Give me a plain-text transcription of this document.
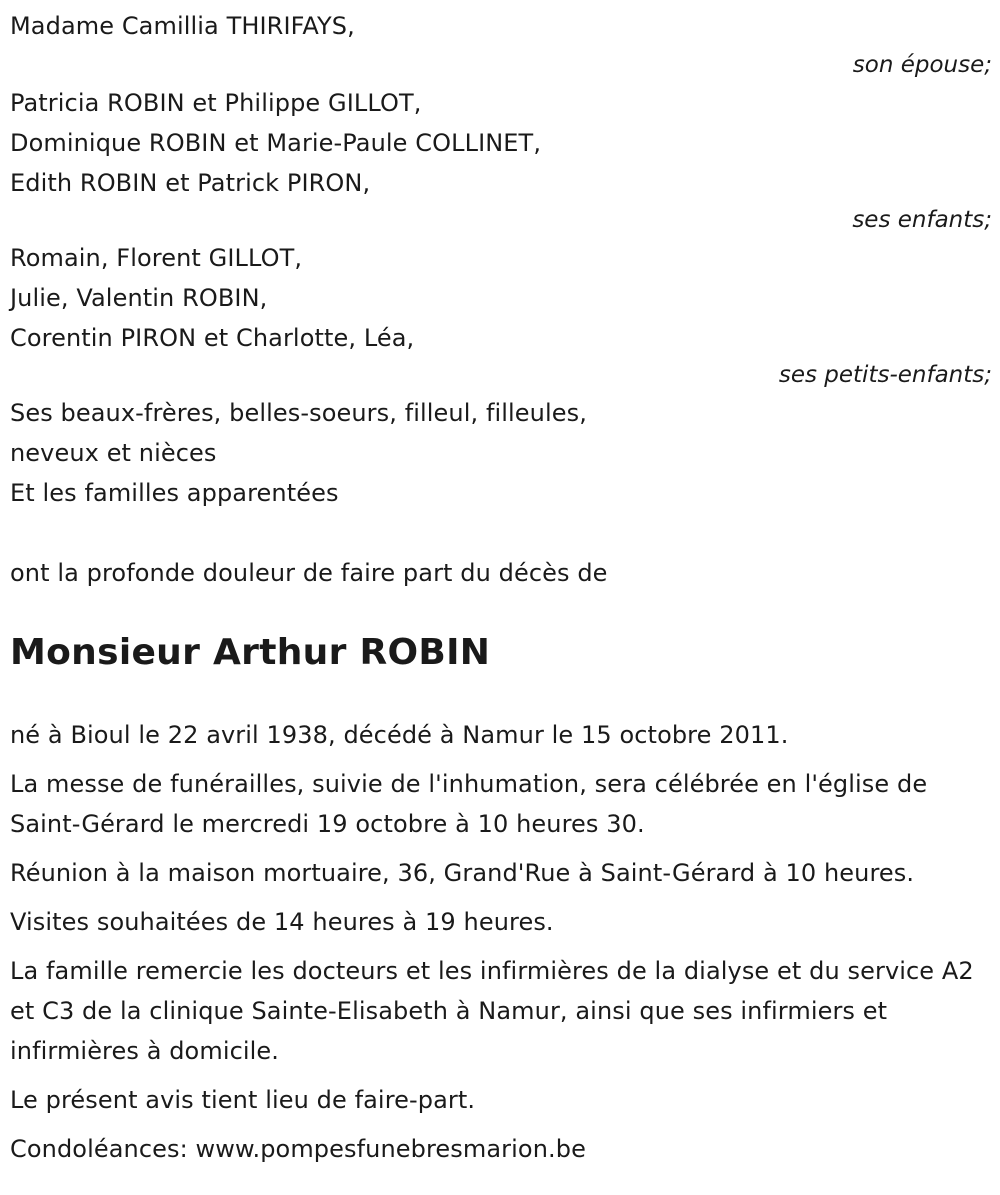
Madame Camillia THIRIFAYS,

son épouse;

Patricia ROBIN et Philippe GILLOT,

Dominique ROBIN et Marie-Paule COLLINET,

Edith ROBIN et Patrick PIRON,

ses enfants;

Romain, Florent GILLOT,

Julie, Valentin ROBIN,

Corentin PIRON et Charlotte, Léa,

ses petits-enfants;

Ses beaux-frères, belles-soeurs, filleul, filleules,

neveux et nièces

Et les familles apparentées

ont la profonde douleur de faire part du décès de

Monsieur Arthur ROBIN

né à Bioul le 22 avril 1938, décédé à Namur le 15 octobre 2011.

La messe de funérailles, suivie de l'inhumation, sera célébrée en l'église de Saint-Gérard le mercredi 19 octobre à 10 heures 30.

Réunion à la maison mortuaire, 36, Grand'Rue à Saint-Gérard à 10 heures.

Visites souhaitées de 14 heures à 19 heures.

La famille remercie les docteurs et les infirmières de la dialyse et du service A2 et C3 de la clinique Sainte-Elisabeth à Namur, ainsi que ses infirmiers et infirmières à domicile.

Le présent avis tient lieu de faire-part.

Condoléances: www.pompesfunebresmarion.be
